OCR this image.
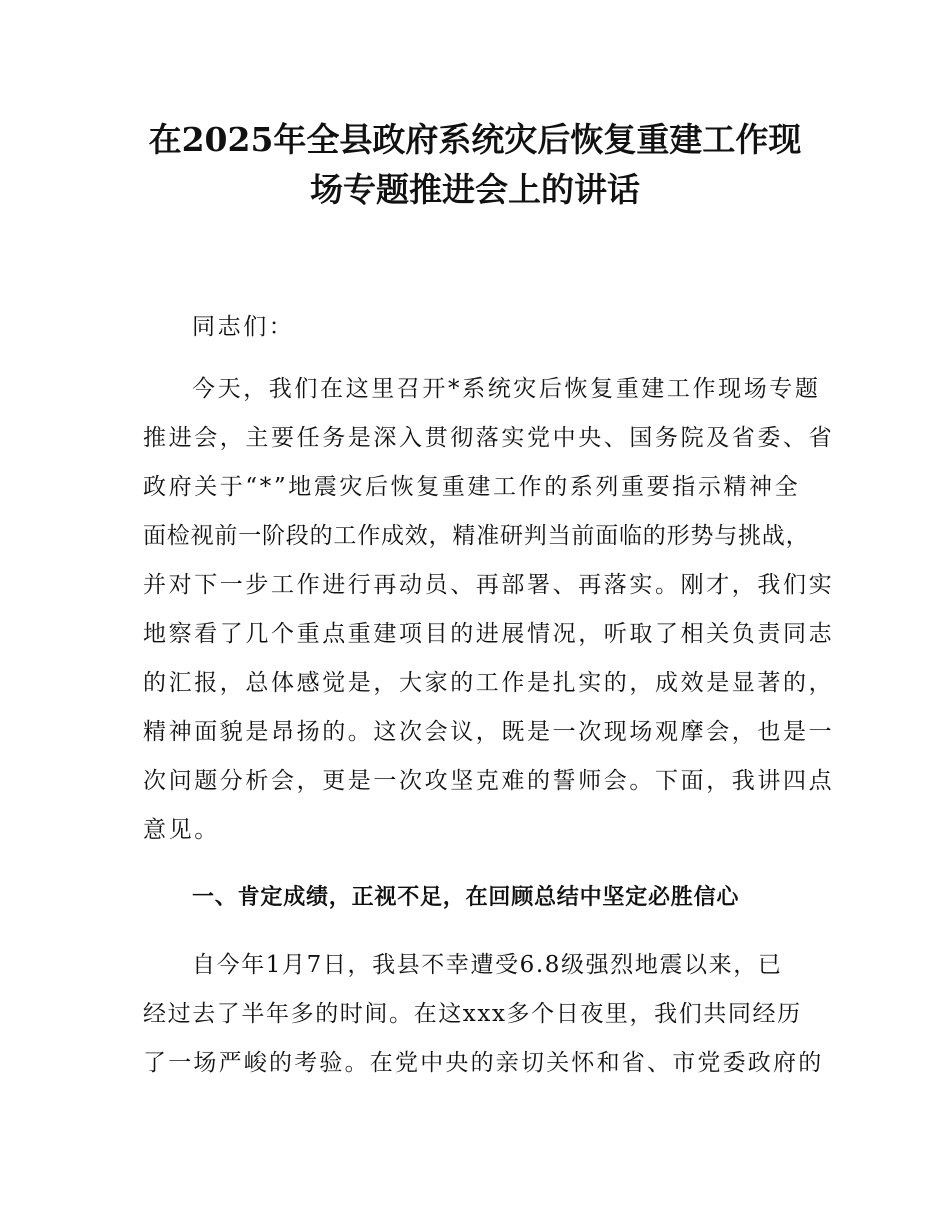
在2025年全县政府系统灾后恢复重建工作现
场专题推进会上的讲话
同志们：
今天，我们在这里召开*系统灾后恢复重建工作现场专题
推进会，主要任务是深入贯彻落实党中央、国务院及省委、省
政府关于“*”地震灾后恢复重建工作的系列重要指示精神全
面检视前一阶段的工作成效，精准研判当前面临的形势与挑战，
并对下一步工作进行再动员、再部署、再落实。刚才，我们实
地察看了几个重点重建项目的进展情况，听取了相关负责同志
的汇报，总体感觉是，大家的工作是扎实的，成效是显著的，
精神面貌是昂扬的。这次会议，既是一次现场观摩会，也是一
次问题分析会，更是一次攻坚克难的誓师会。下面，我讲四点
意见。
一、肯定成绩，正视不足，在回顾总结中坚定必胜信心
自今年1月7日，我县不幸遭受6.8级强烈地震以来，已
经过去了半年多的时间。在这xxx多个日夜里，我们共同经历
了一场严峻的考验。在党中央的亲切关怀和省、市党委政府的
